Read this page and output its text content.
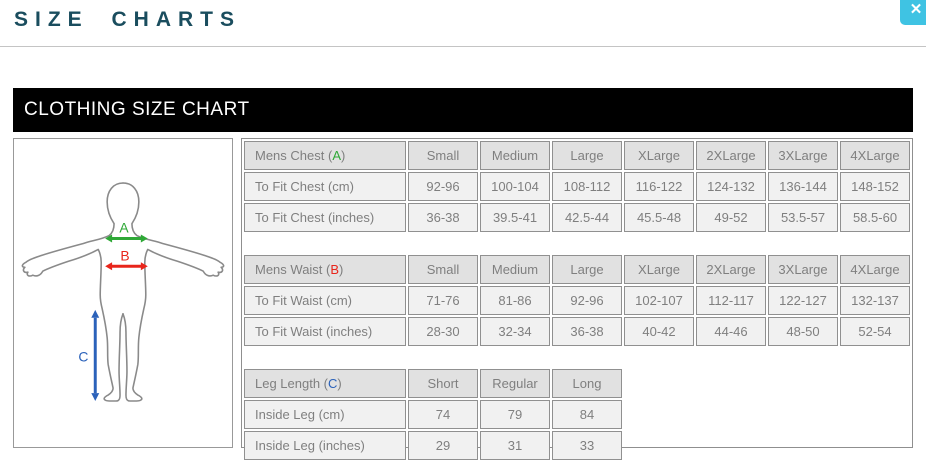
SIZE CHARTS	✕
CLOTHING SIZE CHART
A
B
C
Mens Chest (A)	Small	Medium	Large	XLarge	2XLarge	3XLarge	4XLarge
To Fit Chest (cm)	92-96	100-104	108-112	116-122	124-132	136-144	148-152
To Fit Chest (inches)	36-38	39.5-41	42.5-44	45.5-48	49-52	53.5-57	58.5-60

Mens Waist (B)	Small	Medium	Large	XLarge	2XLarge	3XLarge	4XLarge
To Fit Waist (cm)	71-76	81-86	92-96	102-107	112-117	122-127	132-137
To Fit Waist (inches)	28-30	32-34	36-38	40-42	44-46	48-50	52-54

Leg Length (C)	Short	Regular	Long				
Inside Leg (cm)	74	79	84				
Inside Leg (inches)	29	31	33				
